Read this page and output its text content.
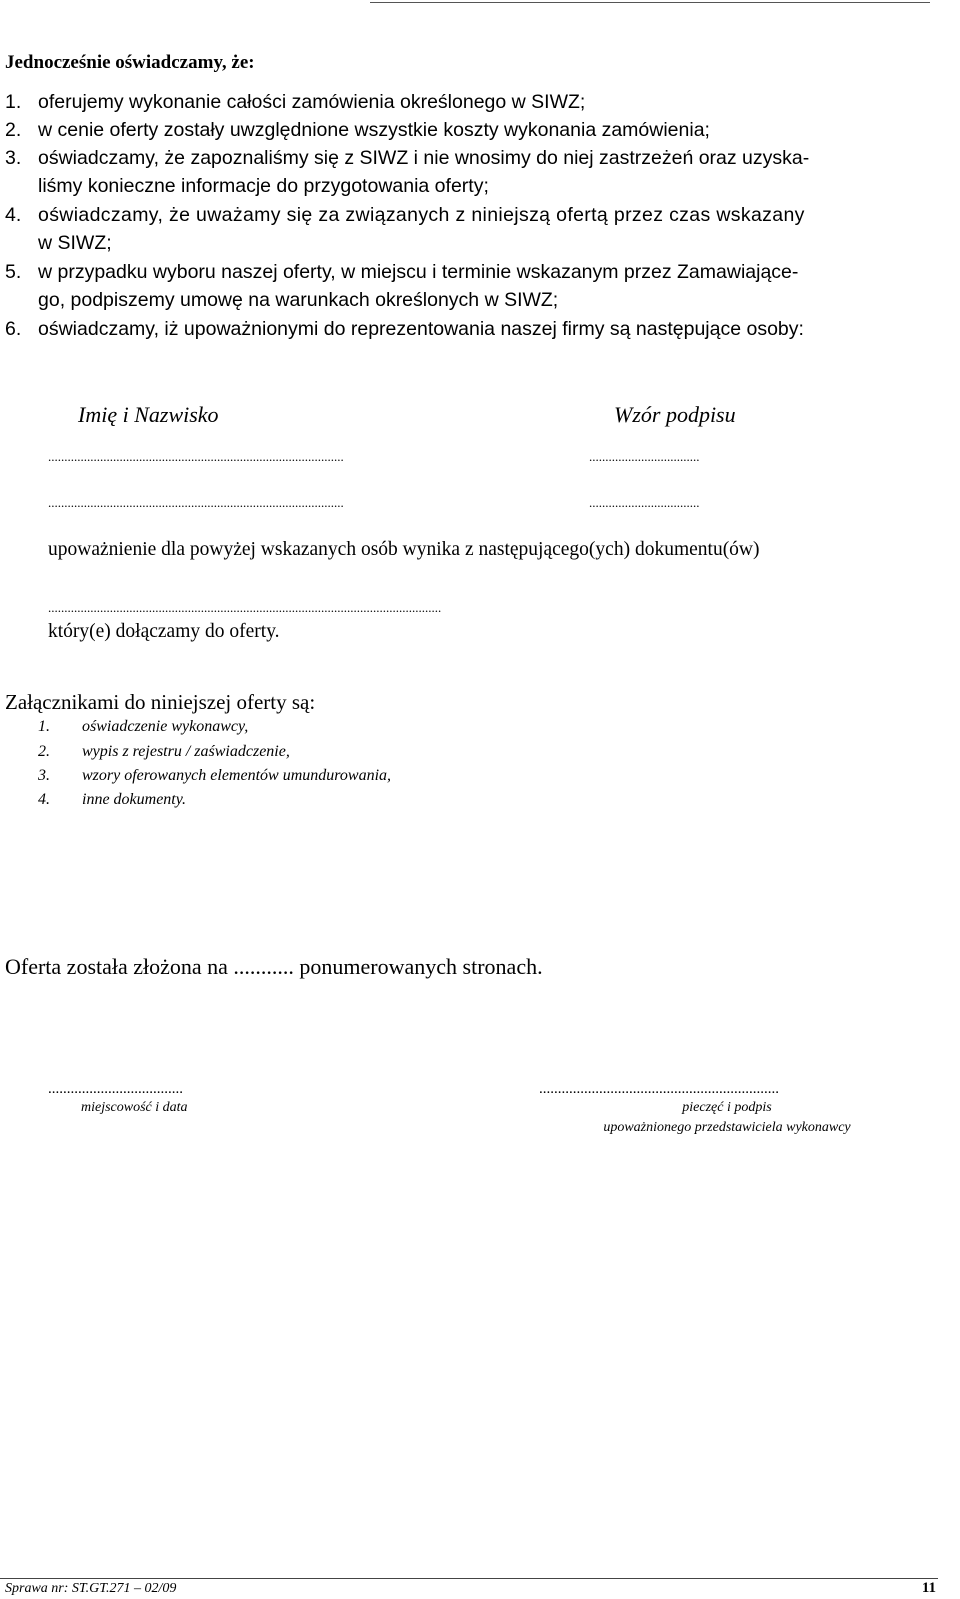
Jednocześnie oświadczamy, że:
1. oferujemy wykonanie całości zamówienia określonego w SIWZ;
2. w cenie oferty zostały uwzględnione wszystkie koszty wykonania zamówienia;
3. oświadczamy, że zapoznaliśmy się z SIWZ i nie wnosimy do niej zastrzeżeń oraz uzyska-
liśmy konieczne informacje do przygotowania oferty;
4. oświadczamy, że uważamy się za związanych z niniejszą ofertą przez czas wskazany
w SIWZ;
5. w przypadku wyboru naszej oferty, w miejscu i terminie wskazanym przez Zamawiające-
go, podpiszemy umowę na warunkach określonych w SIWZ;
6. oświadczamy, iż upoważnionymi do reprezentowania naszej firmy są następujące osoby:
Imię i Nazwisko	Wzór podpisu
...........................................................................................	..................................
...........................................................................................	..................................
upoważnienie dla powyżej wskazanych osób wynika z następującego(ych) dokumentu(ów)
.........................................................................................................................
który(e) dołączamy do oferty.
Załącznikami do niniejszej oferty są:
1.	oświadczenie wykonawcy,
2.	wypis z rejestru / zaświadczenie,
3.	wzory oferowanych elementów umundurowania,
4.	inne dokumenty.
Oferta została złożona na ........... ponumerowanych stronach.
....................................
miejscowość i data
................................................................
pieczęć i podpis
upoważnionego przedstawiciela wykonawcy
Sprawa nr: ST.GT.271 – 02/09	11
